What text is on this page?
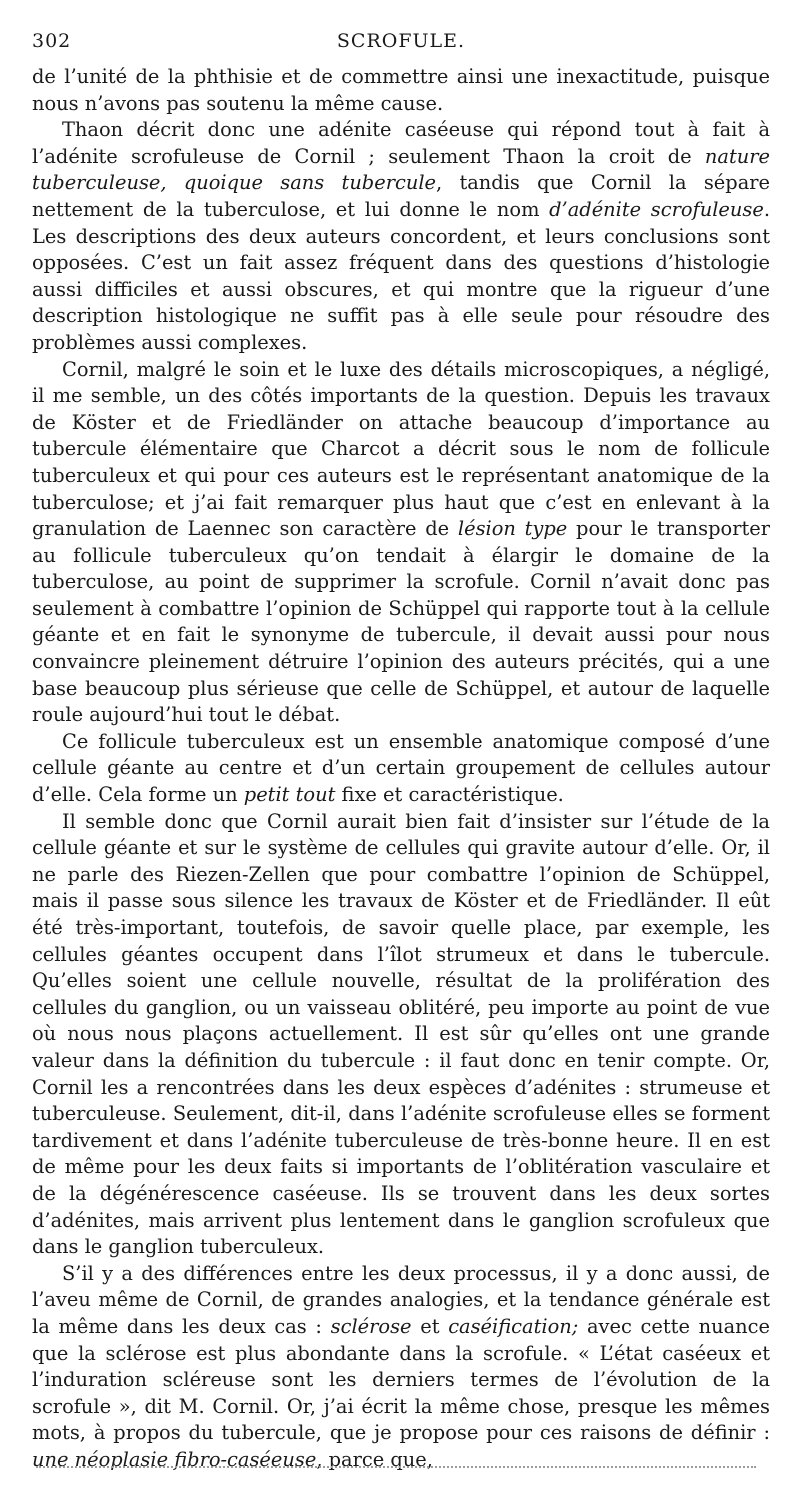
302	SCROFULE.

de l’unité de la phthisie et de commettre ainsi une inexactitude, puisque nous n’avons pas soutenu la même cause.

Thaon décrit donc une adénite caséeuse qui répond tout à fait à l’adénite scrofuleuse de Cornil ; seulement Thaon la croit de nature tuberculeuse, quoique sans tubercule, tandis que Cornil la sépare nettement de la tuberculose, et lui donne le nom d’adénite scrofuleuse. Les descriptions des deux auteurs concordent, et leurs conclusions sont opposées. C’est un fait assez fréquent dans des questions d’histologie aussi difficiles et aussi obscures, et qui montre que la rigueur d’une description histologique ne suffit pas à elle seule pour résoudre des problèmes aussi complexes.

Cornil, malgré le soin et le luxe des détails microscopiques, a négligé, il me semble, un des côtés importants de la question. Depuis les travaux de Köster et de Friedländer on attache beaucoup d’importance au tubercule élémentaire que Charcot a décrit sous le nom de follicule tuberculeux et qui pour ces auteurs est le représentant anatomique de la tuberculose; et j’ai fait remarquer plus haut que c’est en enlevant à la granulation de Laennec son caractère de lésion type pour le transporter au follicule tuberculeux qu’on tendait à élargir le domaine de la tuberculose, au point de supprimer la scrofule. Cornil n’avait donc pas seulement à combattre l’opinion de Schüppel qui rapporte tout à la cellule géante et en fait le synonyme de tubercule, il devait aussi pour nous convaincre pleinement détruire l’opinion des auteurs précités, qui a une base beaucoup plus sérieuse que celle de Schüppel, et autour de laquelle roule aujourd’hui tout le débat.

Ce follicule tuberculeux est un ensemble anatomique composé d’une cellule géante au centre et d’un certain groupement de cellules autour d’elle. Cela forme un petit tout fixe et caractéristique.

Il semble donc que Cornil aurait bien fait d’insister sur l’étude de la cellule géante et sur le système de cellules qui gravite autour d’elle. Or, il ne parle des Riezen-Zellen que pour combattre l’opinion de Schüppel, mais il passe sous silence les travaux de Köster et de Friedländer. Il eût été très-important, toutefois, de savoir quelle place, par exemple, les cellules géantes occupent dans l’îlot strumeux et dans le tubercule. Qu’elles soient une cellule nouvelle, résultat de la prolifération des cellules du ganglion, ou un vaisseau oblitéré, peu importe au point de vue où nous nous plaçons actuellement. Il est sûr qu’elles ont une grande valeur dans la définition du tubercule : il faut donc en tenir compte. Or, Cornil les a rencontrées dans les deux espèces d’adénites : strumeuse et tuberculeuse. Seulement, dit-il, dans l’adénite scrofuleuse elles se forment tardivement et dans l’adénite tuberculeuse de très-bonne heure. Il en est de même pour les deux faits si importants de l’oblitération vasculaire et de la dégénérescence caséeuse. Ils se trouvent dans les deux sortes d’adénites, mais arrivent plus lentement dans le ganglion scrofuleux que dans le ganglion tuberculeux.

S’il y a des différences entre les deux processus, il y a donc aussi, de l’aveu même de Cornil, de grandes analogies, et la tendance générale est la même dans les deux cas : sclérose et caséification; avec cette nuance que la sclérose est plus abondante dans la scrofule. « L’état caséeux et l’induration scléreuse sont les derniers termes de l’évolution de la scrofule », dit M. Cornil. Or, j’ai écrit la même chose, presque les mêmes mots, à propos du tubercule, que je propose pour ces raisons de définir : une néoplasie fibro-caséeuse, parce que,
